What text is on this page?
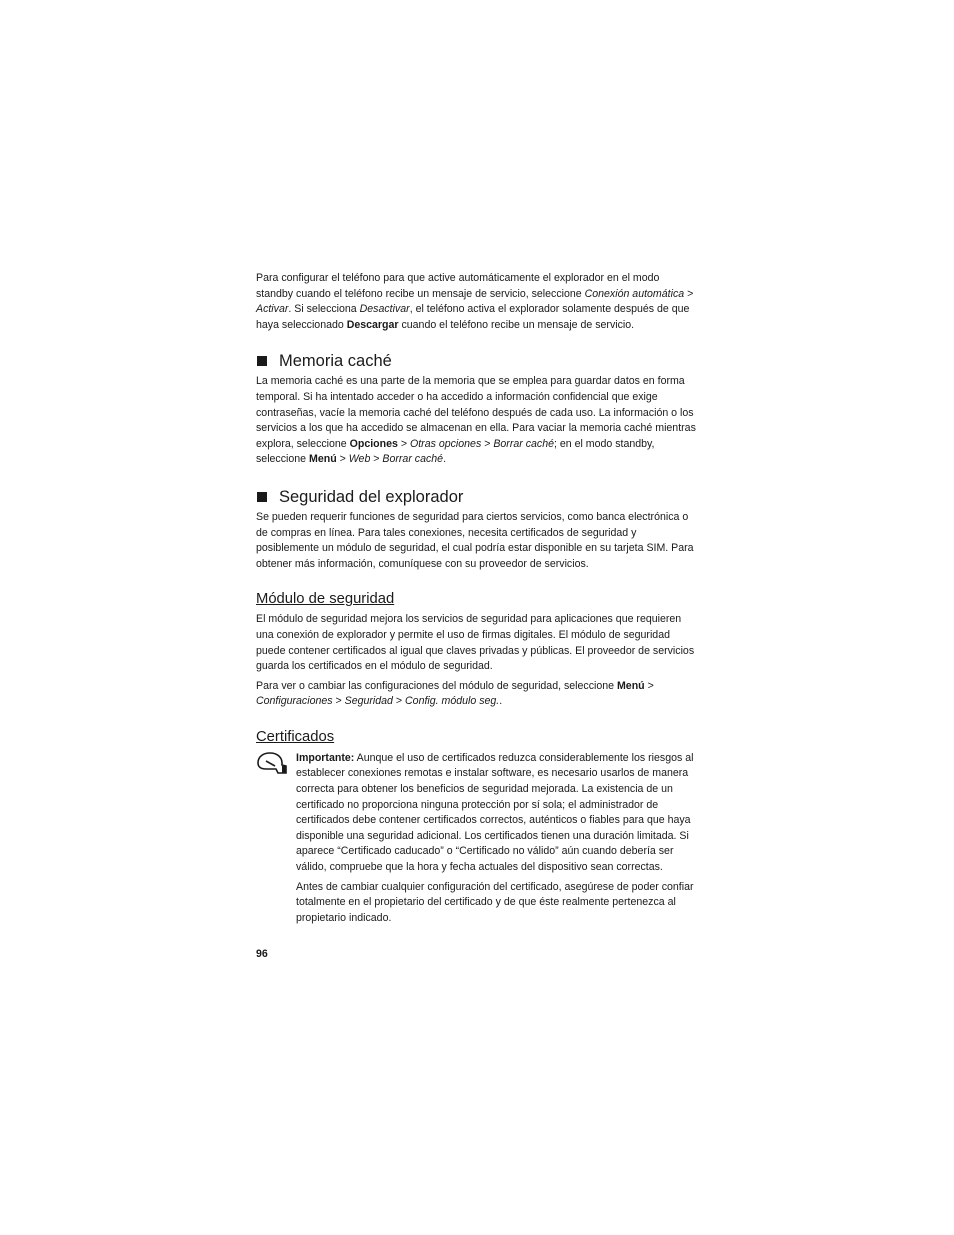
Para configurar el teléfono para que active automáticamente el explorador en el modo standby cuando el teléfono recibe un mensaje de servicio, seleccione Conexión automática > Activar. Si selecciona Desactivar, el teléfono activa el explorador solamente después de que haya seleccionado Descargar cuando el teléfono recibe un mensaje de servicio.

Memoria caché

La memoria caché es una parte de la memoria que se emplea para guardar datos en forma temporal. Si ha intentado acceder o ha accedido a información confidencial que exige contraseñas, vacíe la memoria caché del teléfono después de cada uso. La información o los servicios a los que ha accedido se almacenan en ella. Para vaciar la memoria caché mientras explora, seleccione Opciones > Otras opciones > Borrar caché; en el modo standby, seleccione Menú > Web > Borrar caché.

Seguridad del explorador

Se pueden requerir funciones de seguridad para ciertos servicios, como banca electrónica o de compras en línea. Para tales conexiones, necesita certificados de seguridad y posiblemente un módulo de seguridad, el cual podría estar disponible en su tarjeta SIM. Para obtener más información, comuníquese con su proveedor de servicios.

Módulo de seguridad

El módulo de seguridad mejora los servicios de seguridad para aplicaciones que requieren una conexión de explorador y permite el uso de firmas digitales. El módulo de seguridad puede contener certificados al igual que claves privadas y públicas. El proveedor de servicios guarda los certificados en el módulo de seguridad.

Para ver o cambiar las configuraciones del módulo de seguridad, seleccione Menú > Configuraciones > Seguridad > Config. módulo seg..

Certificados

Importante: Aunque el uso de certificados reduzca considerablemente los riesgos al establecer conexiones remotas e instalar software, es necesario usarlos de manera correcta para obtener los beneficios de seguridad mejorada. La existencia de un certificado no proporciona ninguna protección por sí sola; el administrador de certificados debe contener certificados correctos, auténticos o fiables para que haya disponible una seguridad adicional. Los certificados tienen una duración limitada. Si aparece “Certificado caducado” o “Certificado no válido” aún cuando debería ser válido, compruebe que la hora y fecha actuales del dispositivo sean correctas.

Antes de cambiar cualquier configuración del certificado, asegúrese de poder confiar totalmente en el propietario del certificado y de que éste realmente pertenezca al propietario indicado.

96
